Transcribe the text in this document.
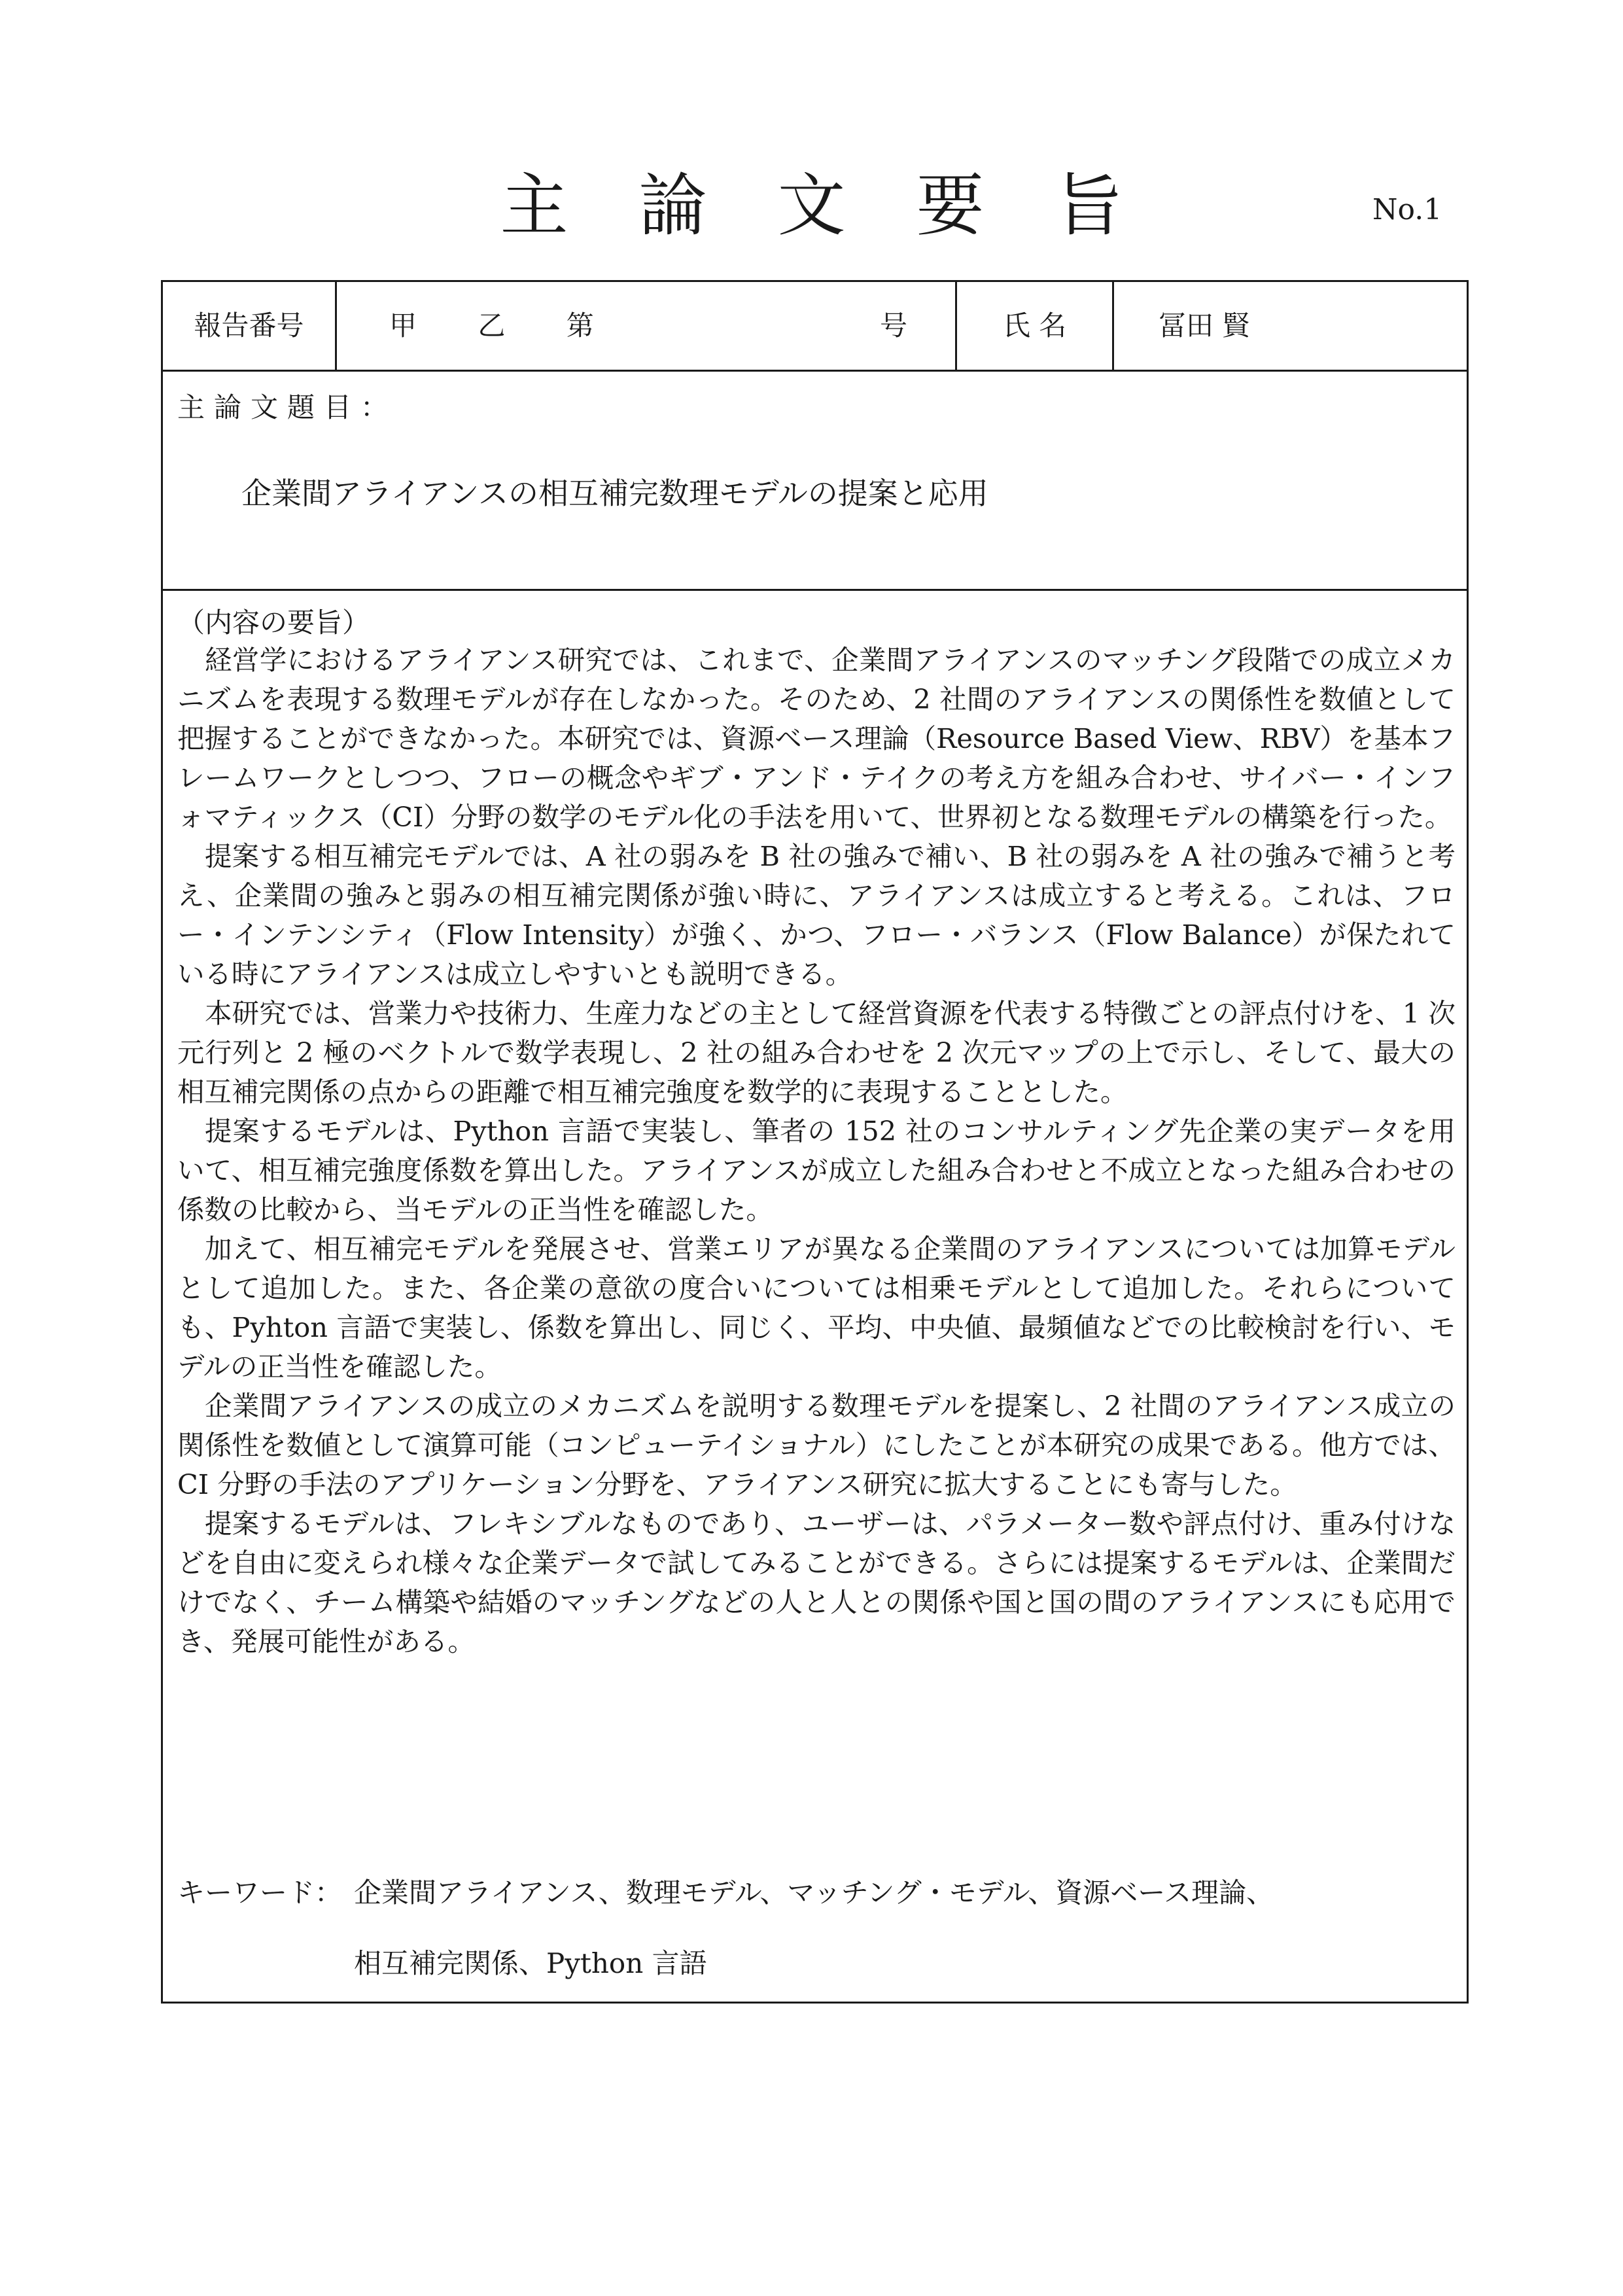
主 論 文 要 旨	No.1
報告番号	甲 乙 第	号	氏 名	冨田 賢
主論文題目：
企業間アライアンスの相互補完数理モデルの提案と応用
（内容の要旨）

経営学におけるアライアンス研究では、これまで、企業間アライアンスのマッチング段階での成立メカニズムを表現する数理モデルが存在しなかった。そのため、2 社間のアライアンスの関係性を数値として把握することができなかった。本研究では、資源ベース理論（Resource Based View、RBV）を基本フレームワークとしつつ、フローの概念やギブ・アンド・テイクの考え方を組み合わせ、サイバー・インフォマティックス（CI）分野の数学のモデル化の手法を用いて、世界初となる数理モデルの構築を行った。

提案する相互補完モデルでは、A 社の弱みを B 社の強みで補い、B 社の弱みを A 社の強みで補うと考え、企業間の強みと弱みの相互補完関係が強い時に、アライアンスは成立すると考える。これは、フロー・インテンシティ（Flow Intensity）が強く、かつ、フロー・バランス（Flow Balance）が保たれている時にアライアンスは成立しやすいとも説明できる。

本研究では、営業力や技術力、生産力などの主として経営資源を代表する特徴ごとの評点付けを、1 次元行列と 2 極のベクトルで数学表現し、2 社の組み合わせを 2 次元マップの上で示し、そして、最大の相互補完関係の点からの距離で相互補完強度を数学的に表現することとした。

提案するモデルは、Python 言語で実装し、筆者の 152 社のコンサルティング先企業の実データを用いて、相互補完強度係数を算出した。アライアンスが成立した組み合わせと不成立となった組み合わせの係数の比較から、当モデルの正当性を確認した。

加えて、相互補完モデルを発展させ、営業エリアが異なる企業間のアライアンスについては加算モデルとして追加した。また、各企業の意欲の度合いについては相乗モデルとして追加した。それらについても、Pyhton 言語で実装し、係数を算出し、同じく、平均、中央値、最頻値などでの比較検討を行い、モデルの正当性を確認した。

企業間アライアンスの成立のメカニズムを説明する数理モデルを提案し、2 社間のアライアンス成立の関係性を数値として演算可能（コンピューテイショナル）にしたことが本研究の成果である。他方では、CI 分野の手法のアプリケーション分野を、アライアンス研究に拡大することにも寄与した。

提案するモデルは、フレキシブルなものであり、ユーザーは、パラメーター数や評点付け、重み付けなどを自由に変えられ様々な企業データで試してみることができる。さらには提案するモデルは、企業間だけでなく、チーム構築や結婚のマッチングなどの人と人との関係や国と国の間のアライアンスにも応用でき、発展可能性がある。

キーワード： 企業間アライアンス、数理モデル、マッチング・モデル、資源ベース理論、
相互補完関係、Python 言語
